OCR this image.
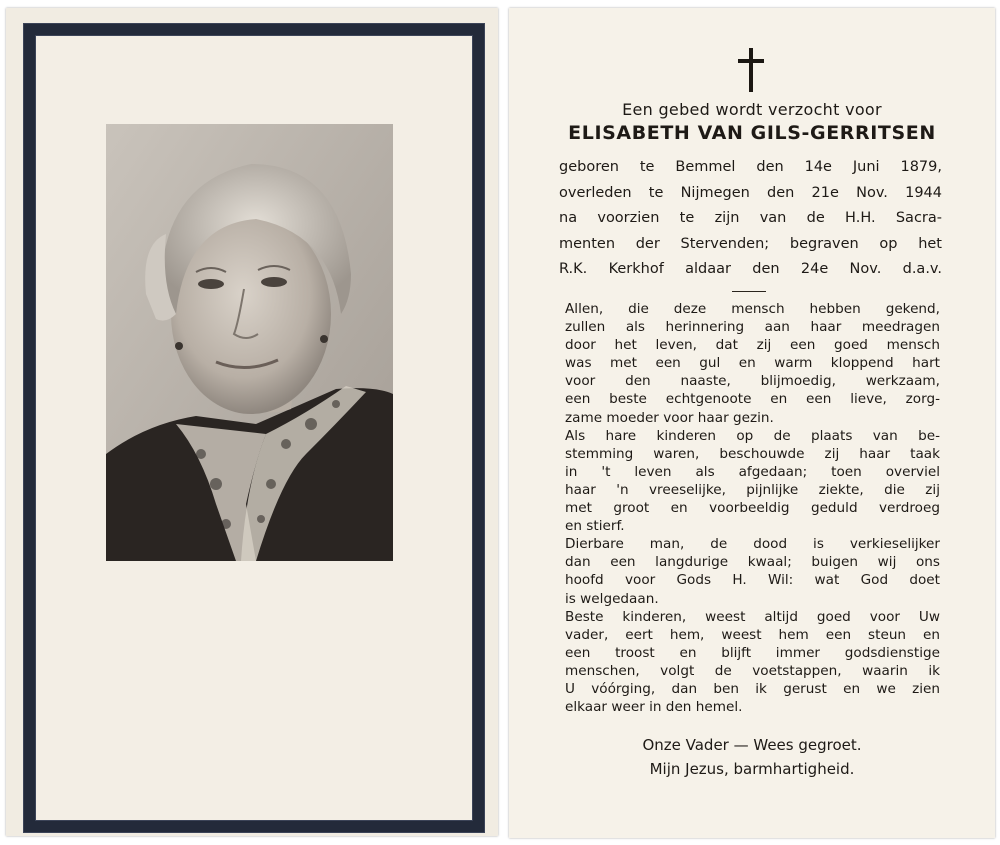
Een gebed wordt verzocht voor
ELISABETH VAN GILS-GERRITSEN
geboren te Bemmel den 14e Juni 1879,
overleden te Nijmegen den 21e Nov. 1944
na voorzien te zijn van de H.H. Sacra-
menten der Stervenden; begraven op het
R.K. Kerkhof aldaar den 24e Nov. d.a.v.
Allen, die deze mensch hebben gekend,
zullen als herinnering aan haar meedragen
door het leven, dat zij een goed mensch
was met een gul en warm kloppend hart
voor den naaste, blijmoedig, werkzaam,
een beste echtgenoote en een lieve, zorg-
zame moeder voor haar gezin.
Als hare kinderen op de plaats van be-
stemming waren, beschouwde zij haar taak
in 't leven als afgedaan; toen overviel
haar 'n vreeselijke, pijnlijke ziekte, die zij
met groot en voorbeeldig geduld verdroeg
en stierf.
Dierbare man, de dood is verkieselijker
dan een langdurige kwaal; buigen wij ons
hoofd voor Gods H. Wil: wat God doet
is welgedaan.
Beste kinderen, weest altijd goed voor Uw
vader, eert hem, weest hem een steun en
een troost en blijft immer godsdienstige
menschen, volgt de voetstappen, waarin ik
U vóórging, dan ben ik gerust en we zien
elkaar weer in den hemel.
Onze Vader — Wees gegroet.
Mijn Jezus, barmhartigheid.
